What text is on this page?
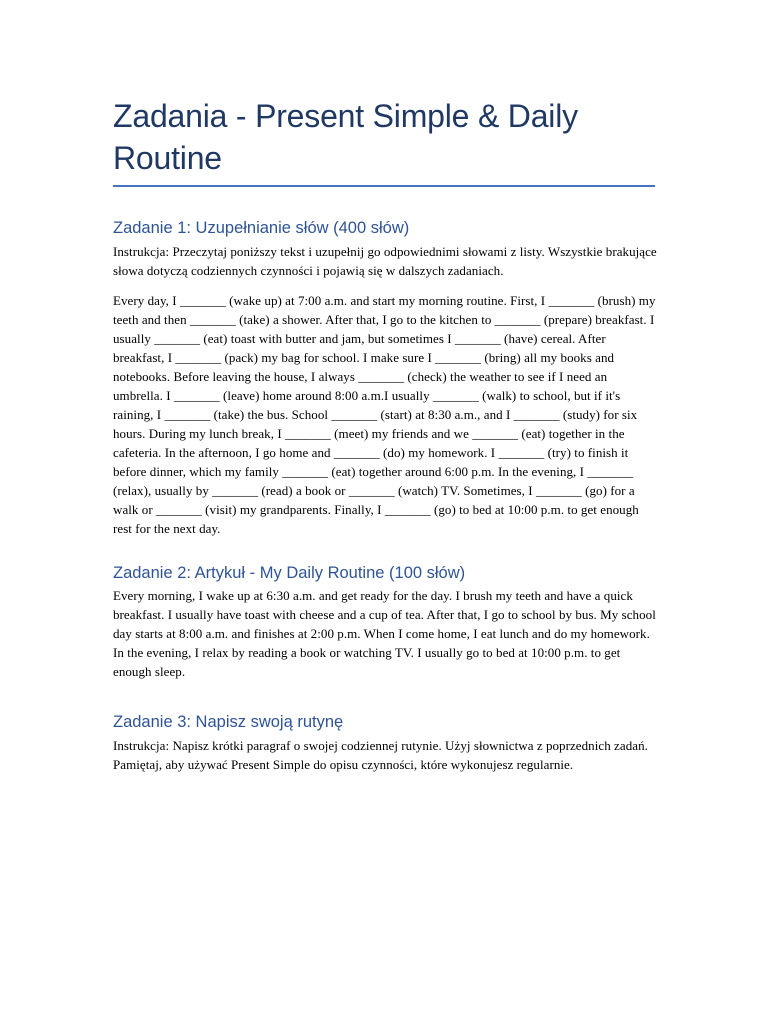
Zadania - Present Simple & Daily Routine
Zadanie 1: Uzupełnianie słów (400 słów)

Instrukcja: Przeczytaj poniższy tekst i uzupełnij go odpowiednimi słowami z listy. Wszystkie brakujące słowa dotyczą codziennych czynności i pojawią się w dalszych zadaniach.

Every day, I _______ (wake up) at 7:00 a.m. and start my morning routine. First, I _______ (brush) my teeth and then _______ (take) a shower. After that, I go to the kitchen to _______ (prepare) breakfast. I usually _______ (eat) toast with butter and jam, but sometimes I _______ (have) cereal. After breakfast, I _______ (pack) my bag for school. I make sure I _______ (bring) all my books and notebooks. Before leaving the house, I always _______ (check) the weather to see if I need an umbrella. I _______ (leave) home around 8:00 a.m.I usually _______ (walk) to school, but if it's raining, I _______ (take) the bus. School _______ (start) at 8:30 a.m., and I _______ (study) for six hours. During my lunch break, I _______ (meet) my friends and we _______ (eat) together in the cafeteria. In the afternoon, I go home and _______ (do) my homework. I _______ (try) to finish it before dinner, which my family _______ (eat) together around 6:00 p.m. In the evening, I _______ (relax), usually by _______ (read) a book or _______ (watch) TV. Sometimes, I _______ (go) for a walk or _______ (visit) my grandparents. Finally, I _______ (go) to bed at 10:00 p.m. to get enough rest for the next day.

Zadanie 2: Artykuł - My Daily Routine (100 słów)

Every morning, I wake up at 6:30 a.m. and get ready for the day. I brush my teeth and have a quick breakfast. I usually have toast with cheese and a cup of tea. After that, I go to school by bus. My school day starts at 8:00 a.m. and finishes at 2:00 p.m. When I come home, I eat lunch and do my homework. In the evening, I relax by reading a book or watching TV. I usually go to bed at 10:00 p.m. to get enough sleep.

Zadanie 3: Napisz swoją rutynę

Instrukcja: Napisz krótki paragraf o swojej codziennej rutynie. Użyj słownictwa z poprzednich zadań. Pamiętaj, aby używać Present Simple do opisu czynności, które wykonujesz regularnie.
